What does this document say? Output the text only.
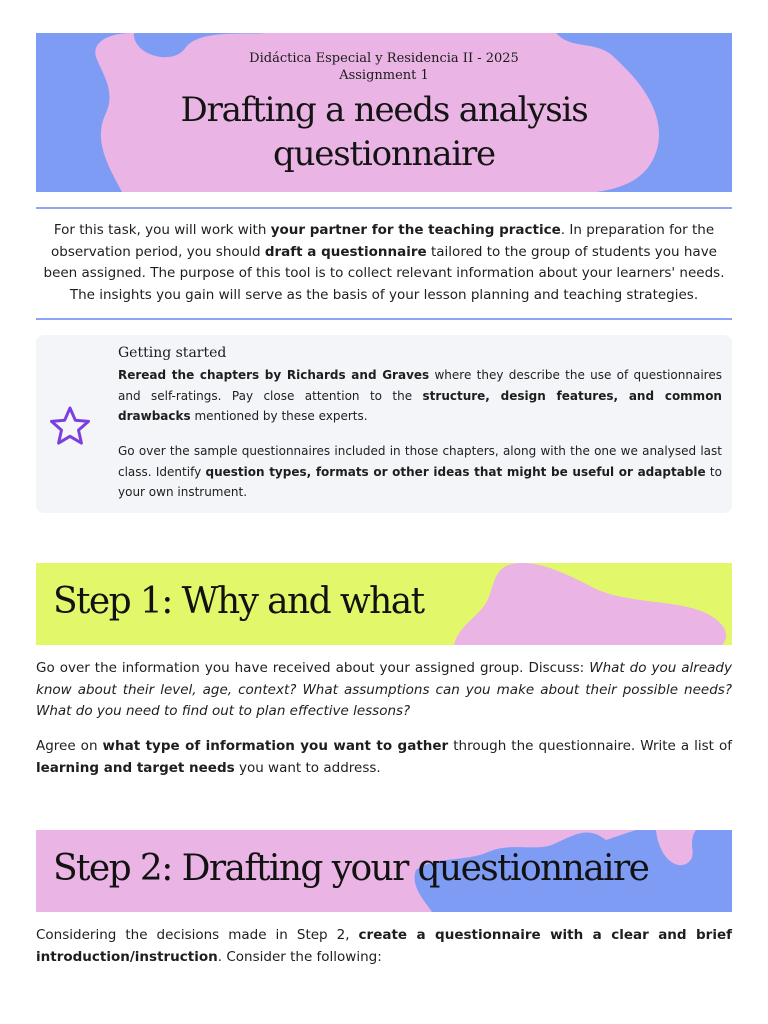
Didáctica Especial y Residencia II - 2025
Assignment 1
Drafting a needs analysis
questionnaire
For this task, you will work with your partner for the teaching practice. In preparation for the observation period, you should draft a questionnaire tailored to the group of students you have been assigned. The purpose of this tool is to collect relevant information about your learners' needs. The insights you gain will serve as the basis of your lesson planning and teaching strategies.
Getting started
Reread the chapters by Richards and Graves where they describe the use of questionnaires and self-ratings. Pay close attention to the structure, design features, and common drawbacks mentioned by these experts.
Go over the sample questionnaires included in those chapters, along with the one we analysed last class. Identify question types, formats or other ideas that might be useful or adaptable to your own instrument.
Step 1: Why and what
Go over the information you have received about your assigned group. Discuss: What do you already know about their level, age, context? What assumptions can you make about their possible needs? What do you need to find out to plan effective lessons?
Agree on what type of information you want to gather through the questionnaire. Write a list of learning and target needs you want to address.
Step 2: Drafting your questionnaire
Considering the decisions made in Step 2, create a questionnaire with a clear and brief introduction/instruction. Consider the following:
